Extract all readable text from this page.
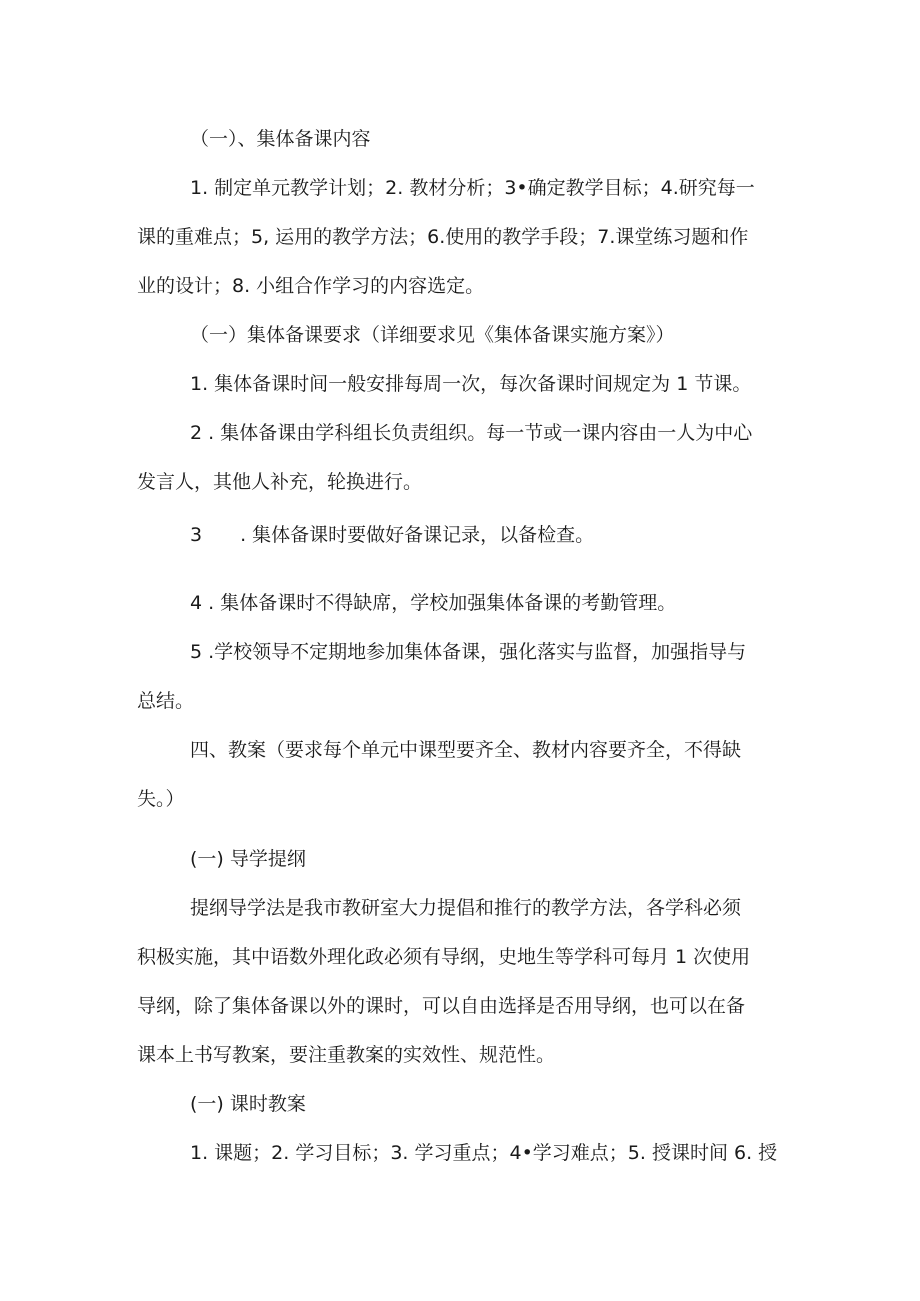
（一）、集体备课内容
1. 制定单元教学计划；2. 教材分析；3•确定教学目标；4.研究每一
课的重难点；5, 运用的教学方法；6.使用的教学手段；7.课堂练习题和作
业的设计；8. 小组合作学习的内容选定。
（一）集体备课要求（详细要求见《集体备课实施方案》）
1. 集体备课时间一般安排每周一次，每次备课时间规定为 1 节课。
2 . 集体备课由学科组长负责组织。每一节或一课内容由一人为中心
发言人，其他人补充，轮换进行。
3　　. 集体备课时要做好备课记录，以备检查。
4 . 集体备课时不得缺席，学校加强集体备课的考勤管理。
5 .学校领导不定期地参加集体备课，强化落实与监督，加强指导与
总结。
四、教案（要求每个单元中课型要齐全、教材内容要齐全，不得缺
失。）
(一) 导学提纲
提纲导学法是我市教研室大力提倡和推行的教学方法，各学科必须
积极实施，其中语数外理化政必须有导纲，史地生等学科可每月 1 次使用
导纲，除了集体备课以外的课时，可以自由选择是否用导纲，也可以在备
课本上书写教案，要注重教案的实效性、规范性。
(一) 课时教案
1. 课题；2. 学习目标；3. 学习重点；4•学习难点；5. 授课时间 6. 授
